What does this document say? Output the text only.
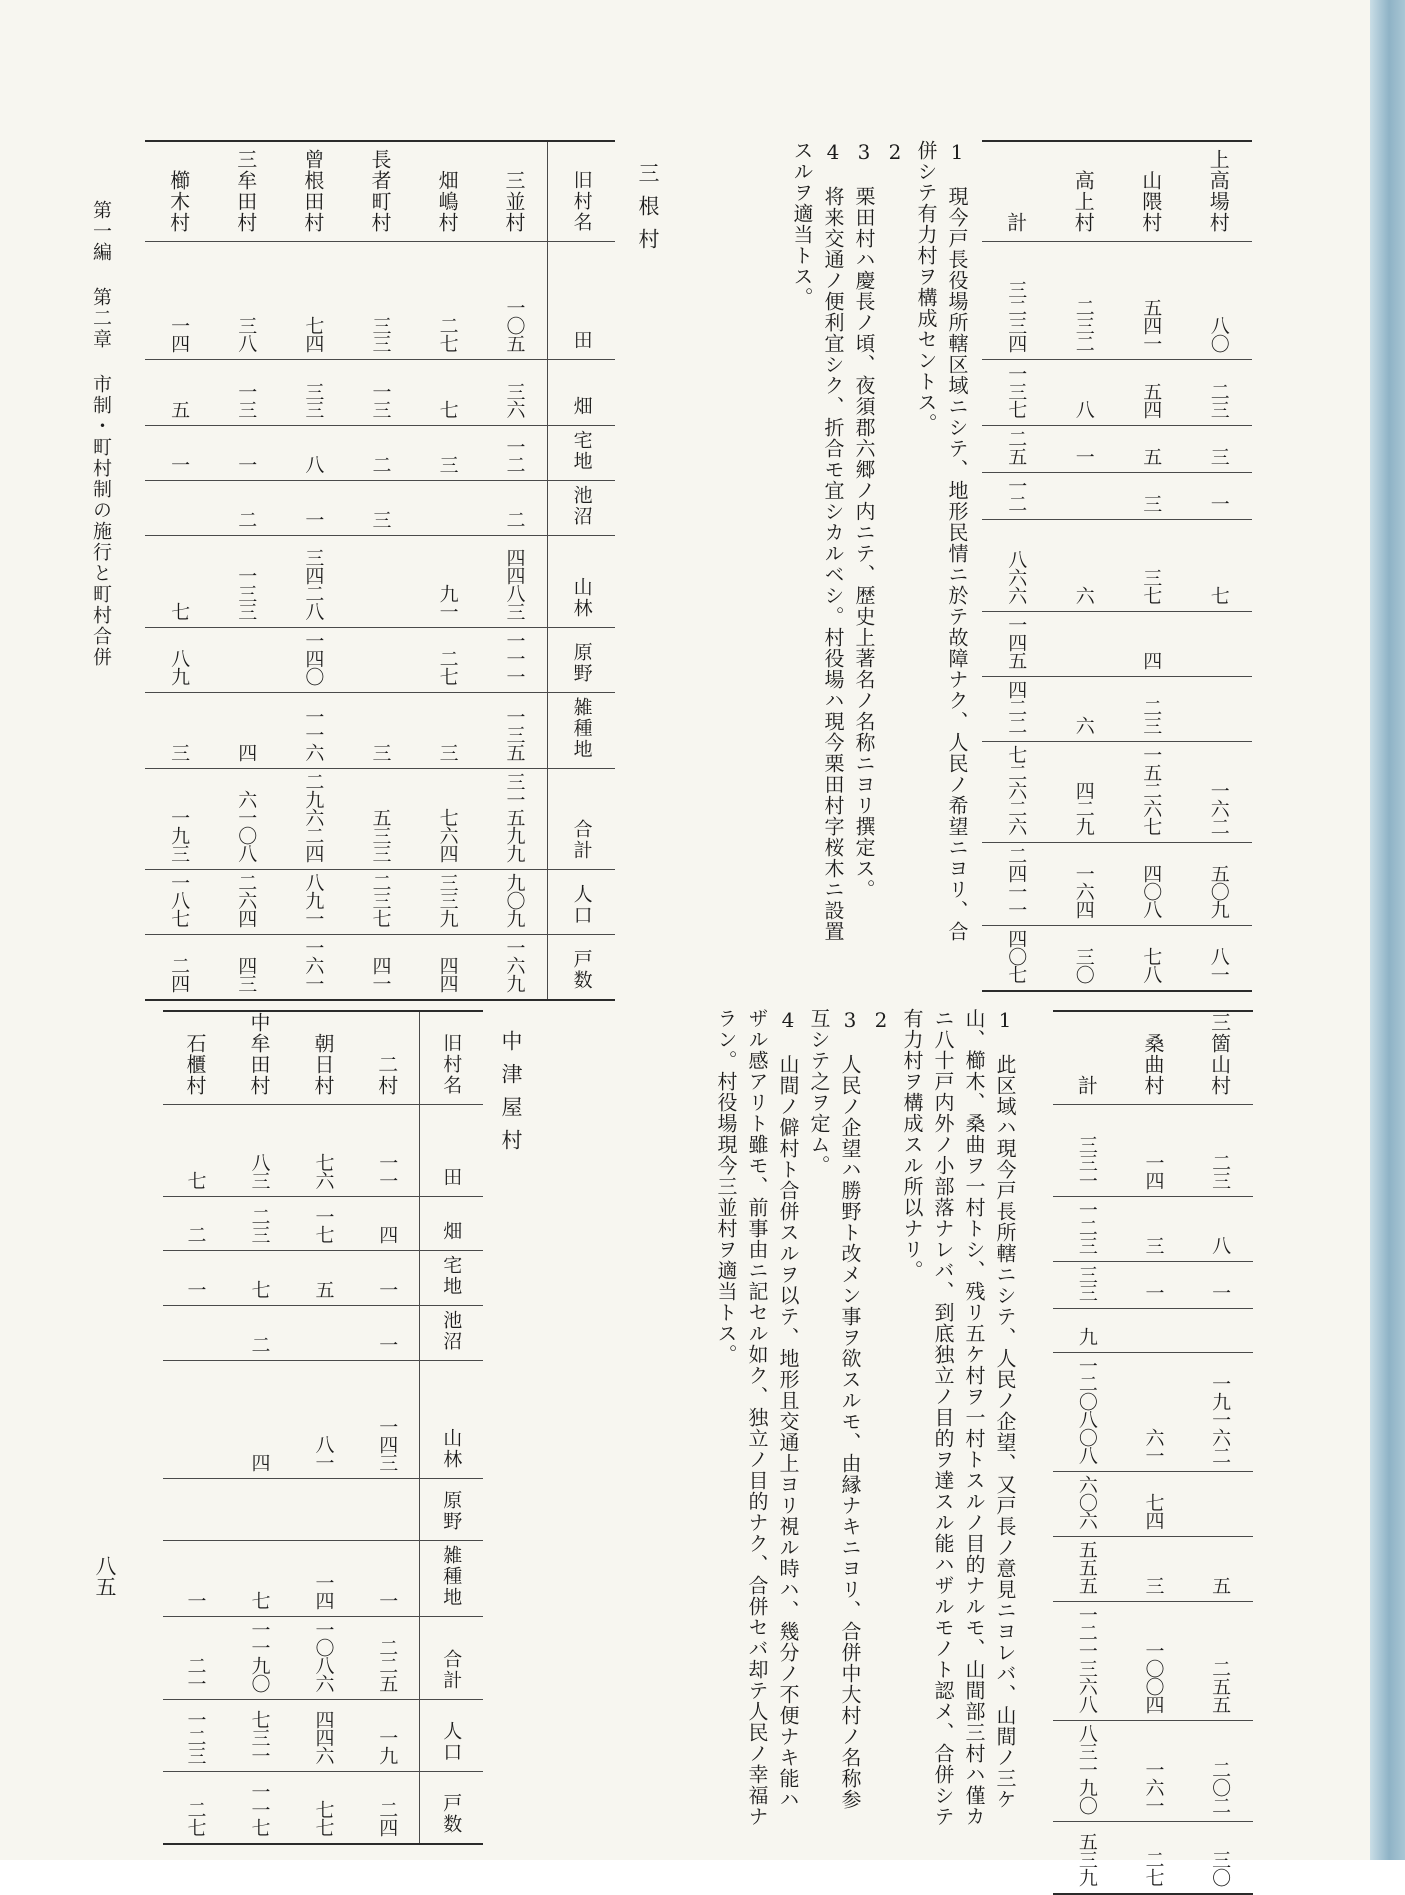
第一編 第二章 市制・町村制の施行と町村合併
八五
計	高上村	山隈村	上高場村
三二三四	二三二	五四一	八〇
一三七	八	五四	二三
二五	一	五	三
一二		三	一
八六六	六	三七	七
一四五		四	
四二二	六	二三	
七二六二六	四二九	一五二六七	一六二
二四一一	一六四	四〇八	五〇九
四〇七	三〇	七八	八一

1　現今戸長役場所轄区域ニシテ、地形民情ニ於テ故障ナク、人民ノ希望ニヨリ、合併シテ有力村ヲ構成セントス。

2　　

3　栗田村ハ慶長ノ頃、夜須郡六郷ノ内ニテ、歴史上著名ノ名称ニヨリ撰定ス。

4　将来交通ノ便利宜シク、折合モ宜シカルベシ。村役場ハ現今栗田村字桜木ニ設置スルヲ適当トス。

三根村
櫛木村	三牟田村	曾根田村	長者町村	畑嶋村	三並村	旧村名
一四	三八	七四	三三	二七	一〇五	田
五	一三	三三	一三	七	三六	畑
一	一	八	二	三	一二	宅地
	二	一	三		二	池沼
七	一三三	三四二八		九一	四四八三	山林
八九		一四〇		二七	一一一	原野
三	四	一一六	三	三	一三五	雑種地
一九三	六一〇八	二九六二四	五三三	七六四	三一五九九	合計
一八七	二六四	八九一	二三七	三三九	九〇九	人口
二四	四三	一六一	四一	四四	一六九	戸数
計	桑曲村	三箇山村
三三一	一四	二三
一二三	三	八
三三	一	一
九		
一二〇八〇八	六一	一九一六二
六〇六	七四	
五五五	三	五
一二一三六八	一〇〇四	二五五
八三一九〇	一六一	二〇二
五三九	二七	三〇

1　此区域ハ現今戸長所轄ニシテ、人民ノ企望、又戸長ノ意見ニヨレバ、山間ノ三ケ山、櫛木、桑曲ヲ一村トシ、残リ五ケ村ヲ一村トスルノ目的ナルモ、山間部三村ハ僅カニ八十戸内外ノ小部落ナレバ、到底独立ノ目的ヲ達スル能ハザルモノト認メ、合併シテ有力村ヲ構成スル所以ナリ。

2　　

3　人民ノ企望ハ勝野ト改メン事ヲ欲スルモ、由縁ナキニヨリ、合併中大村ノ名称参互シテ之ヲ定ム。

4　山間ノ僻村ト合併スルヲ以テ、地形且交通上ヨリ視ル時ハ、幾分ノ不便ナキ能ハザル感アリト雖モ、前事由ニ記セル如ク、独立ノ目的ナク、合併セバ却テ人民ノ幸福ナラン。村役場現今三並村ヲ適当トス。

中津屋村
石櫃村	中牟田村	朝日村	二村	旧村名
七	八三	七六	一一	田
二	二三	一七	四	畑
一	七	五	一	宅地
	二		一	池沼
	四	八一	一四三	山林
				原野
一	七	一四	一	雑種地
二一	一一九〇	一〇八六	二二五	合計
一二三	七三一	四四六	一九	人口
二七	一一七	七七	二四	戸数
